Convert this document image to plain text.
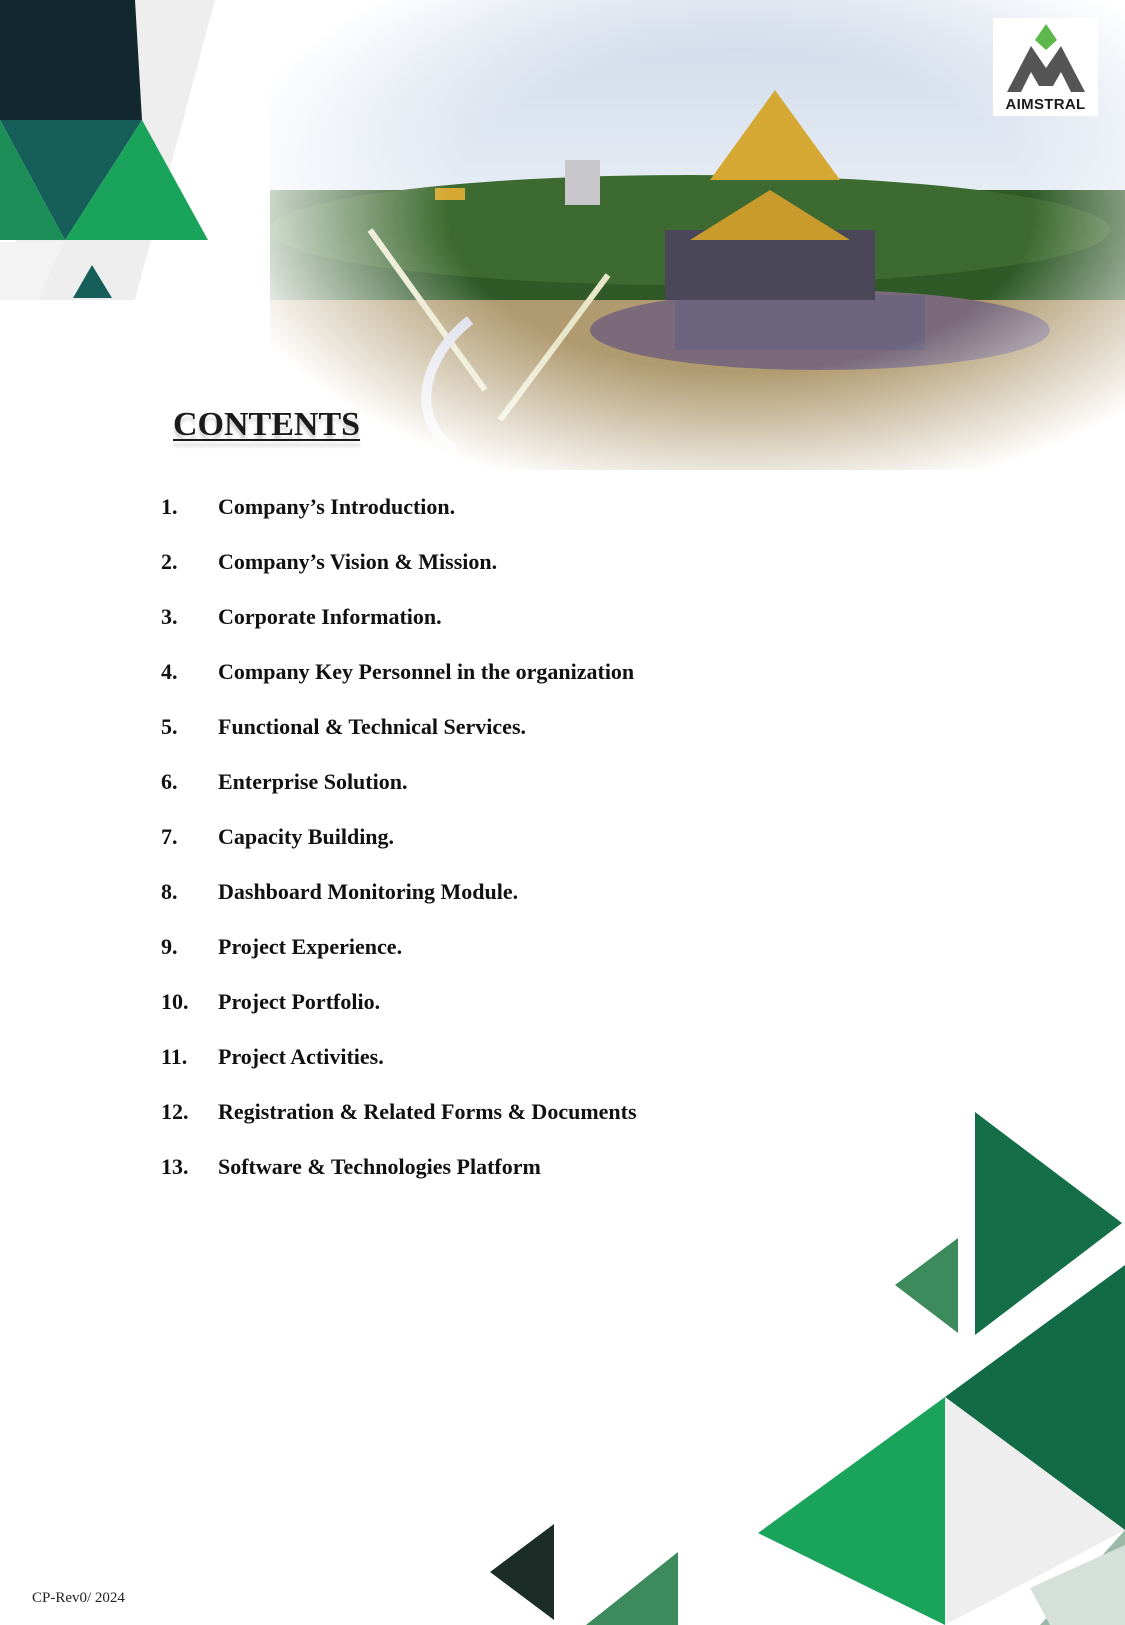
AIMSTRAL
CONTENTS
1. Company’s Introduction.
2. Company’s Vision & Mission.
3. Corporate Information.
4. Company Key Personnel in the organization
5. Functional & Technical Services.
6. Enterprise Solution.
7. Capacity Building.
8. Dashboard Monitoring Module.
9. Project Experience.
10. Project Portfolio.
11. Project Activities.
12. Registration & Related Forms & Documents
13. Software & Technologies Platform
CP-Rev0/ 2024
